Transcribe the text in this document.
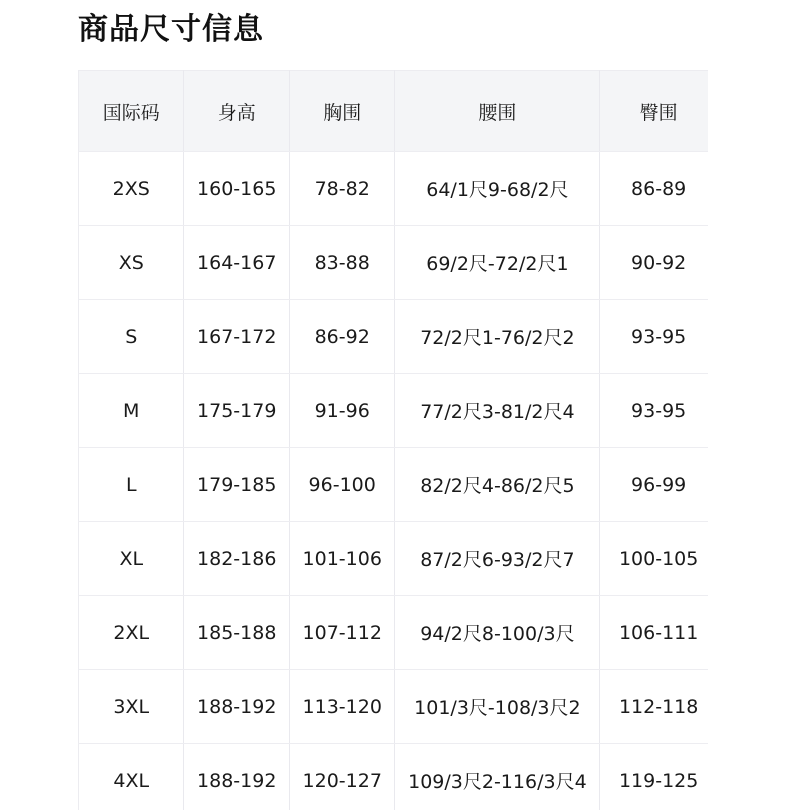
商品尺寸信息
国际码	身高	胸围	腰围	臀围
2XS	160-165	78-82	64/1尺9-68/2尺	86-89
XS	164-167	83-88	69/2尺-72/2尺1	90-92
S	167-172	86-92	72/2尺1-76/2尺2	93-95
M	175-179	91-96	77/2尺3-81/2尺4	93-95
L	179-185	96-100	82/2尺4-86/2尺5	96-99
XL	182-186	101-106	87/2尺6-93/2尺7	100-105
2XL	185-188	107-112	94/2尺8-100/3尺	106-111
3XL	188-192	113-120	101/3尺-108/3尺2	112-118
4XL	188-192	120-127	109/3尺2-116/3尺4	119-125
